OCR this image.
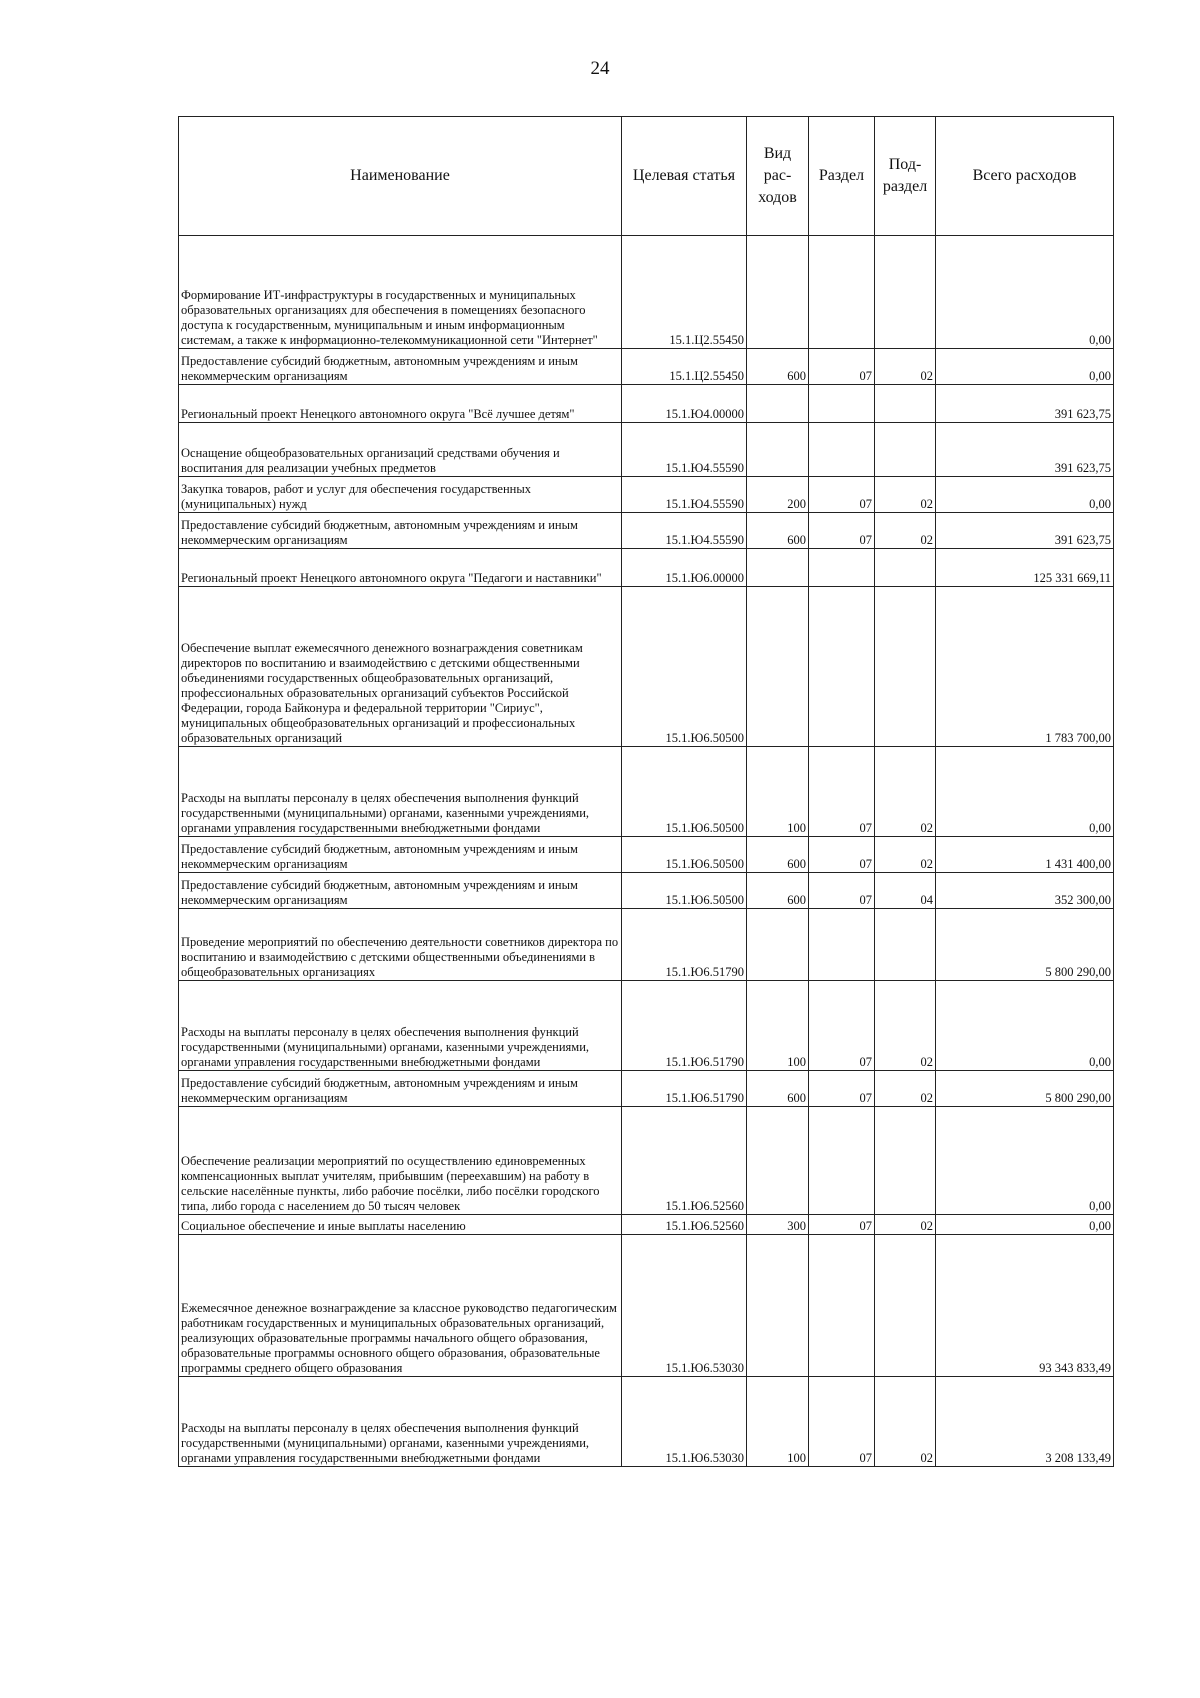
24
Наименование	Целевая статья	Вид рас-ходов	Раздел	Под-раздел	Всего расходов
Формирование ИТ-инфраструктуры в государственных и муниципальных образовательных организациях для обеспечения в помещениях безопасного доступа к государственным, муниципальным и иным информационным системам, а также к информационно-телекоммуникационной сети "Интернет"	15.1.Ц2.55450				0,00
Предоставление субсидий бюджетным, автономным учреждениям и иным некоммерческим организациям	15.1.Ц2.55450	600	07	02	0,00
Региональный проект Ненецкого автономного округа "Всё лучшее детям"	15.1.Ю4.00000				391 623,75
Оснащение общеобразовательных организаций средствами обучения и воспитания для реализации учебных предметов	15.1.Ю4.55590				391 623,75
Закупка товаров, работ и услуг для обеспечения государственных (муниципальных) нужд	15.1.Ю4.55590	200	07	02	0,00
Предоставление субсидий бюджетным, автономным учреждениям и иным некоммерческим организациям	15.1.Ю4.55590	600	07	02	391 623,75
Региональный проект Ненецкого автономного округа "Педагоги и наставники"	15.1.Ю6.00000				125 331 669,11
Обеспечение выплат ежемесячного денежного вознаграждения советникам директоров по воспитанию и взаимодействию с детскими общественными объединениями государственных общеобразовательных организаций, профессиональных образовательных организаций субъектов Российской Федерации, города Байконура и федеральной территории "Сириус", муниципальных общеобразовательных организаций и профессиональных образовательных организаций	15.1.Ю6.50500				1 783 700,00
Расходы на выплаты персоналу в целях обеспечения выполнения функций государственными (муниципальными) органами, казенными учреждениями, органами управления государственными внебюджетными фондами	15.1.Ю6.50500	100	07	02	0,00
Предоставление субсидий бюджетным, автономным учреждениям и иным некоммерческим организациям	15.1.Ю6.50500	600	07	02	1 431 400,00
Предоставление субсидий бюджетным, автономным учреждениям и иным некоммерческим организациям	15.1.Ю6.50500	600	07	04	352 300,00
Проведение мероприятий по обеспечению деятельности советников директора по воспитанию и взаимодействию с детскими общественными объединениями в общеобразовательных организациях	15.1.Ю6.51790				5 800 290,00
Расходы на выплаты персоналу в целях обеспечения выполнения функций государственными (муниципальными) органами, казенными учреждениями, органами управления государственными внебюджетными фондами	15.1.Ю6.51790	100	07	02	0,00
Предоставление субсидий бюджетным, автономным учреждениям и иным некоммерческим организациям	15.1.Ю6.51790	600	07	02	5 800 290,00
Обеспечение реализации мероприятий по осуществлению единовременных компенсационных выплат учителям, прибывшим (переехавшим) на работу в сельские населённые пункты, либо рабочие посёлки, либо посёлки городского типа, либо города с населением до 50 тысяч человек	15.1.Ю6.52560				0,00
Социальное обеспечение и иные выплаты населению	15.1.Ю6.52560	300	07	02	0,00
Ежемесячное денежное вознаграждение за классное руководство педагогическим работникам государственных и муниципальных образовательных организаций, реализующих образовательные программы начального общего образования, образовательные программы основного общего образования, образовательные программы среднего общего образования	15.1.Ю6.53030				93 343 833,49
Расходы на выплаты персоналу в целях обеспечения выполнения функций государственными (муниципальными) органами, казенными учреждениями, органами управления государственными внебюджетными фондами	15.1.Ю6.53030	100	07	02	3 208 133,49
